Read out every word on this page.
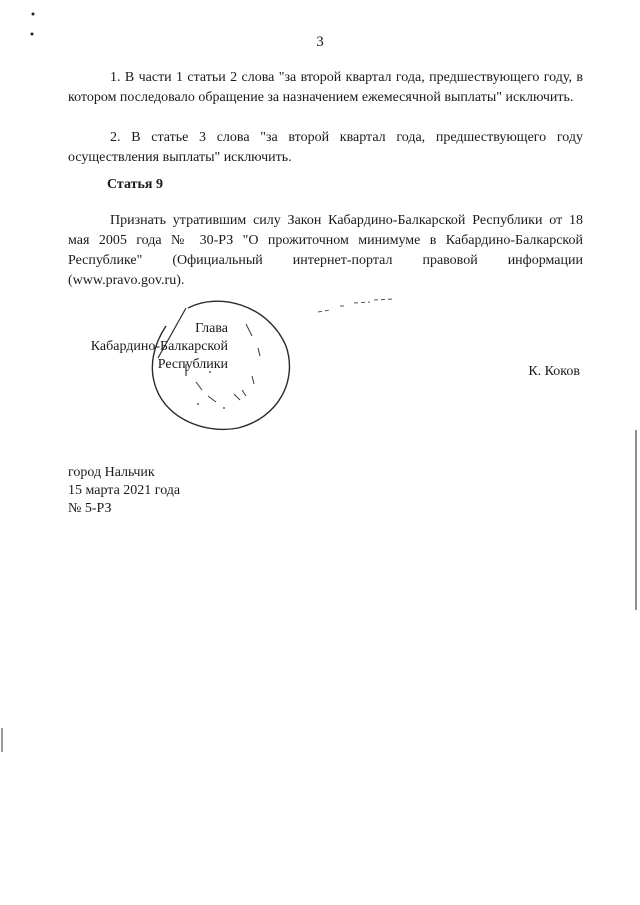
3

1. В части 1 статьи 2 слова "за второй квартал года, предшествующего году, в котором последовало обращение за назначением ежемесячной выплаты" исключить.

2. В статье 3 слова "за второй квартал года, предшествующего году осуществления выплаты" исключить.

Статья 9

Признать утратившим силу Закон Кабардино-Балкарской Республики от 18 мая 2005 года № 30-РЗ "О прожиточном минимуме в Кабардино-Балкарской Республике" (Официальный интернет-портал правовой информации (www.pravo.gov.ru).

Глава
Кабардино-Балкарской
Республики	К. Коков
город Нальчик
15 марта 2021 года
№ 5-РЗ
